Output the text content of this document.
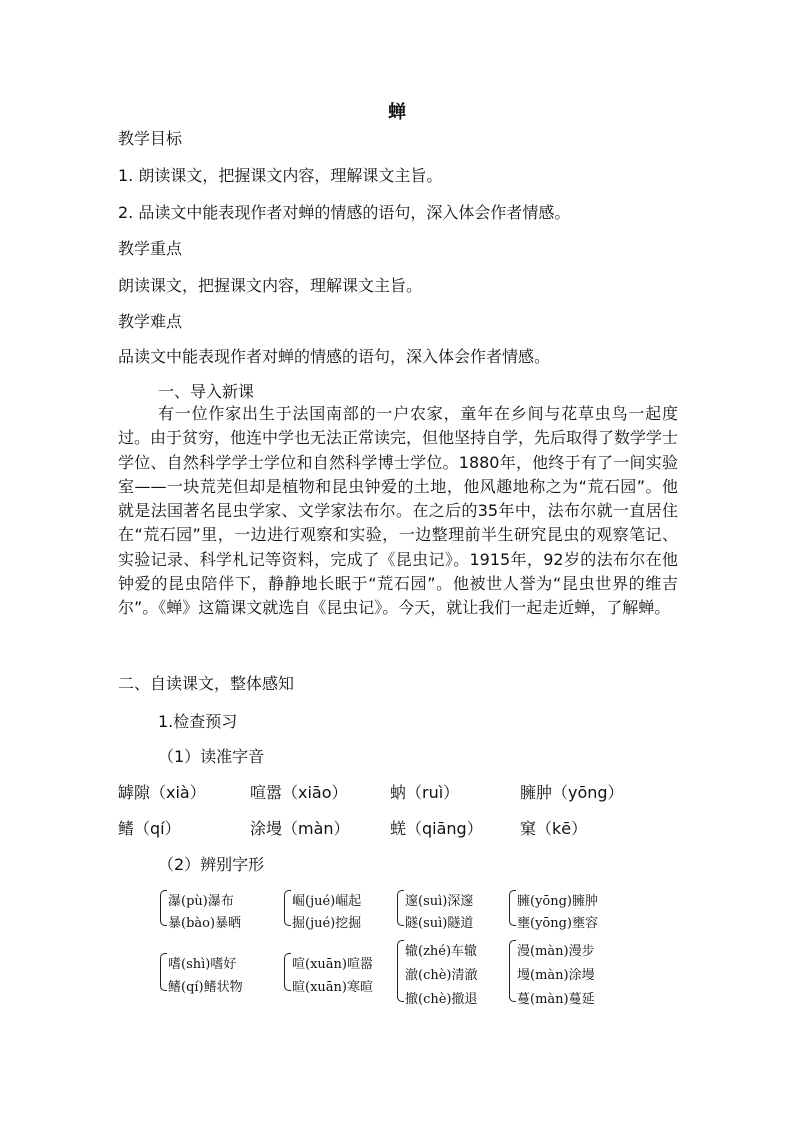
蝉
教学目标
1. 朗读课文，把握课文内容，理解课文主旨。
2. 品读文中能表现作者对蝉的情感的语句，深入体会作者情感。
教学重点
朗读课文，把握课文内容，理解课文主旨。
教学难点
品读文中能表现作者对蝉的情感的语句，深入体会作者情感。
一、导入新课
有一位作家出生于法国南部的一户农家，童年在乡间与花草虫鸟一起度过。由于贫穷，他连中学也无法正常读完，但他坚持自学，先后取得了数学学士学位、自然科学学士学位和自然科学博士学位。1880年，他终于有了一间实验室——一块荒芜但却是植物和昆虫钟爱的土地，他风趣地称之为“荒石园”。他就是法国著名昆虫学家、文学家法布尔。在之后的35年中，法布尔就一直居住在“荒石园”里，一边进行观察和实验，一边整理前半生研究昆虫的观察笔记、实验记录、科学札记等资料，完成了《昆虫记》。1915年，92岁的法布尔在他钟爱的昆虫陪伴下，静静地长眠于“荒石园”。他被世人誉为“昆虫世界的维吉尔”。《蝉》这篇课文就选自《昆虫记》。今天，就让我们一起走近蝉，了解蝉。
二、自读课文，整体感知
1.检查预习
（1）读准字音
罅隙（xià）	喧嚣（xiāo）	蚋（ruì）	臃肿（yōng）
鳍（qí）	涂墁（màn）	蜣（qiāng） 窠（kē）
（2）辨别字形
瀑(pù)瀑布
暴(bào)暴晒
崛(jué)崛起
掘(jué)挖掘
邃(suì)深邃
隧(suì)隧道
臃(yōng)臃肿
壅(yōng)壅容
嗜(shì)嗜好
鳍(qí)鳍状物
喧(xuān)喧嚣
暄(xuān)寒暄
辙(zhé)车辙
澈(chè)清澈
撤(chè)撤退
漫(màn)漫步
墁(màn)涂墁
蔓(màn)蔓延
